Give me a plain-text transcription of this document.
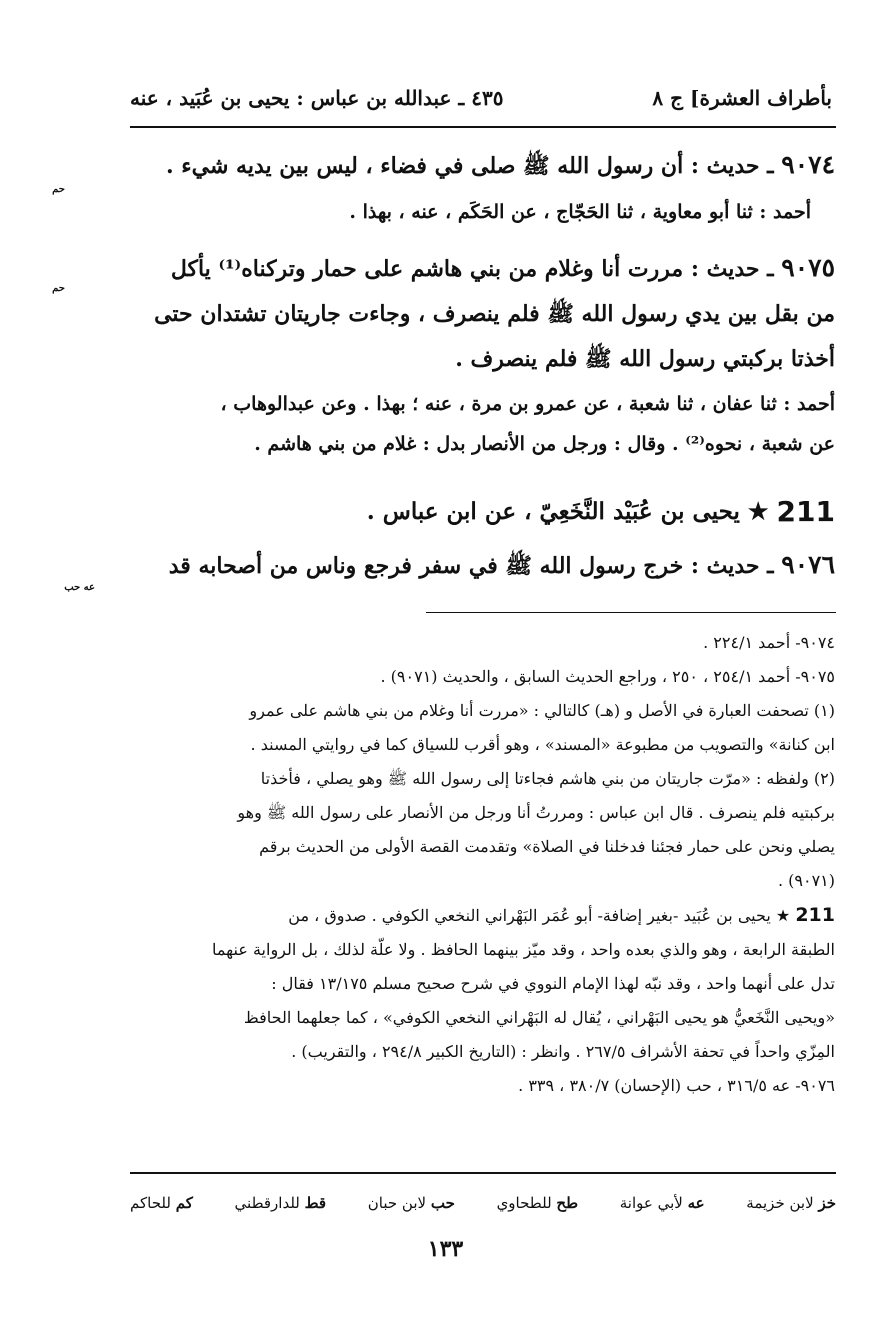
بأطراف العشرة] ج ٨
٤٣٥ ـ عبدالله بن عباس : يحيى بن عُبَيد ، عنه
٩٠٧٤ ـ حديث : أن رسول الله ﷺ صلى في فضاء ، ليس بين يديه شيء .
حم
أحمد : ثنا أبو معاوية ، ثنا الحَجّاج ، عن الحَكَم ، عنه ، بهذا .
٩٠٧٥ ـ حديث : مررت أنا وغلام من بني هاشم على حمار وتركناه⁽¹⁾ يأكل
من بقل بين يدي رسول الله ﷺ فلم ينصرف ، وجاءت جاريتان تشتدان حتى
أخذتا بركبتي رسول الله ﷺ فلم ينصرف .
حم
أحمد : ثنا عفان ، ثنا شعبة ، عن عمرو بن مرة ، عنه ؛ بهذا . وعن عبدالوهاب ،
عن شعبة ، نحوه⁽²⁾ . وقال : ورجل من الأنصار بدل : غلام من بني هاشم .
211
★
يحيى بن عُبَيْد النَّخَعِيّ ، عن ابن عباس .
٩٠٧٦ ـ حديث : خرج رسول الله ﷺ في سفر فرجع وناس من أصحابه قد
عه حب
٩٠٧٤- أحمد ٢٢٤/١ .
٩٠٧٥- أحمد ٢٥٤/١ ، ٢٥٠ ، وراجع الحديث السابق ، والحديث (٩٠٧١) .
(١) تصحفت العبارة في الأصل و (هـ) كالتالي : «مررت أنا وغلام من بني هاشم على عمرو
ابن كنانة» والتصويب من مطبوعة «المسند» ، وهو أقرب للسياق كما في روايتي المسند .
(٢) ولفظه : «مرّت جاريتان من بني هاشم فجاءتا إلى رسول الله ﷺ وهو يصلي ، فأخذتا
بركبتيه فلم ينصرف . قال ابن عباس : ومررتُ أنا ورجل من الأنصار على رسول الله ﷺ وهو
يصلي ونحن على حمار فجئنا فدخلنا في الصلاة» وتقدمت القصة الأولى من الحديث برقم
(٩٠٧١) .
211 ★ يحيى بن عُبَيد -بغير إضافة- أبو عُمَر البَهْراني النخعي الكوفي . صدوق ، من
الطبقة الرابعة ، وهو والذي بعده واحد ، وقد ميّز بينهما الحافظ . ولا علّة لذلك ، بل الرواية عنهما
تدل على أنهما واحد ، وقد نبّه لهذا الإمام النووي في شرح صحيح مسلم ١٣/١٧٥ فقال :
«ويحيى النَّخَعيُّ هو يحيى البَهْراني ، يُقال له البَهْراني النخعي الكوفي» ، كما جعلهما الحافظ
المِزّي واحداً في تحفة الأشراف ٢٦٧/٥ . وانظر : (التاريخ الكبير ٢٩٤/٨ ، والتقريب) .
٩٠٧٦- عه ٣١٦/٥ ، حب (الإحسان) ٣٨٠/٧ ، ٣٣٩ .
خز لابن خزيمة
عه لأبي عوانة
طح للطحاوي
حب لابن حبان
قط للدارقطني
كم للحاكم
١٣٣
